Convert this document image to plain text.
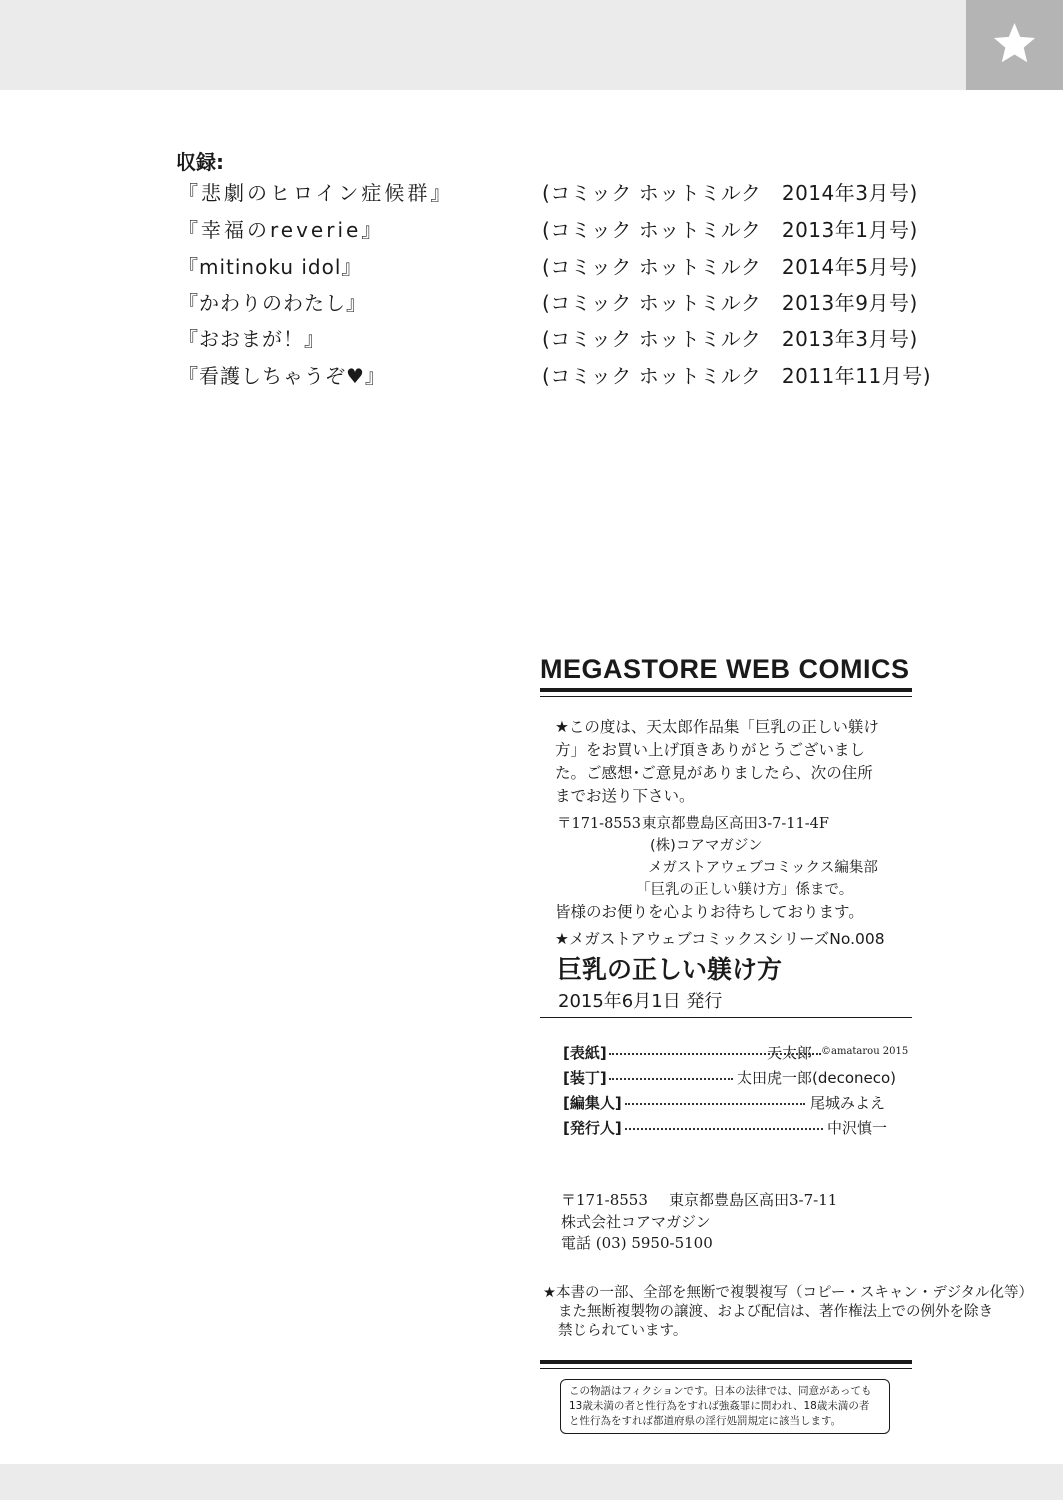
収録:
『悲劇のヒロイン症候群』	(コミック ホットミルク　2014年3月号)
『幸福のreverie』	(コミック ホットミルク　2013年1月号)
『mitinoku idol』	(コミック ホットミルク　2014年5月号)
『かわりのわたし』	(コミック ホットミルク　2013年9月号)
『おおまが！』	(コミック ホットミルク　2013年3月号)
『看護しちゃうぞ♥』	(コミック ホットミルク　2011年11月号)
MEGASTORE WEB COMICS
★この度は、天太郎作品集「巨乳の正しい躾け
方」をお買い上げ頂きありがとうございまし
た。ご感想･ご意見がありましたら、次の住所
までお送り下さい。
〒171-8553 東京都豊島区高田3-7-11-4F
(株)コアマガジン
メガストアウェブコミックス編集部
「巨乳の正しい躾け方」係まで。
皆様のお便りを心よりお待ちしております。
★メガストアウェブコミックスシリーズNo.008
巨乳の正しい躾け方
2015年6月1日 発行
[表紙]	天太郎 ©amatarou 2015
[装丁]	太田虎一郎(deconeco)
[編集人]	尾城みよえ
[発行人]	中沢慎一
〒171-8553 東京都豊島区高田3-7-11
株式会社コアマガジン
電話 (03) 5950-5100
★本書の一部、全部を無断で複製複写（コピー・スキャン・デジタル化等）
また無断複製物の譲渡、および配信は、著作権法上での例外を除き
禁じられています。
この物語はフィクションです。日本の法律では、同意があっても
13歳未満の者と性行為をすれば強姦罪に問われ、18歳未満の者
と性行為をすれば都道府県の淫行処罰規定に該当します。
